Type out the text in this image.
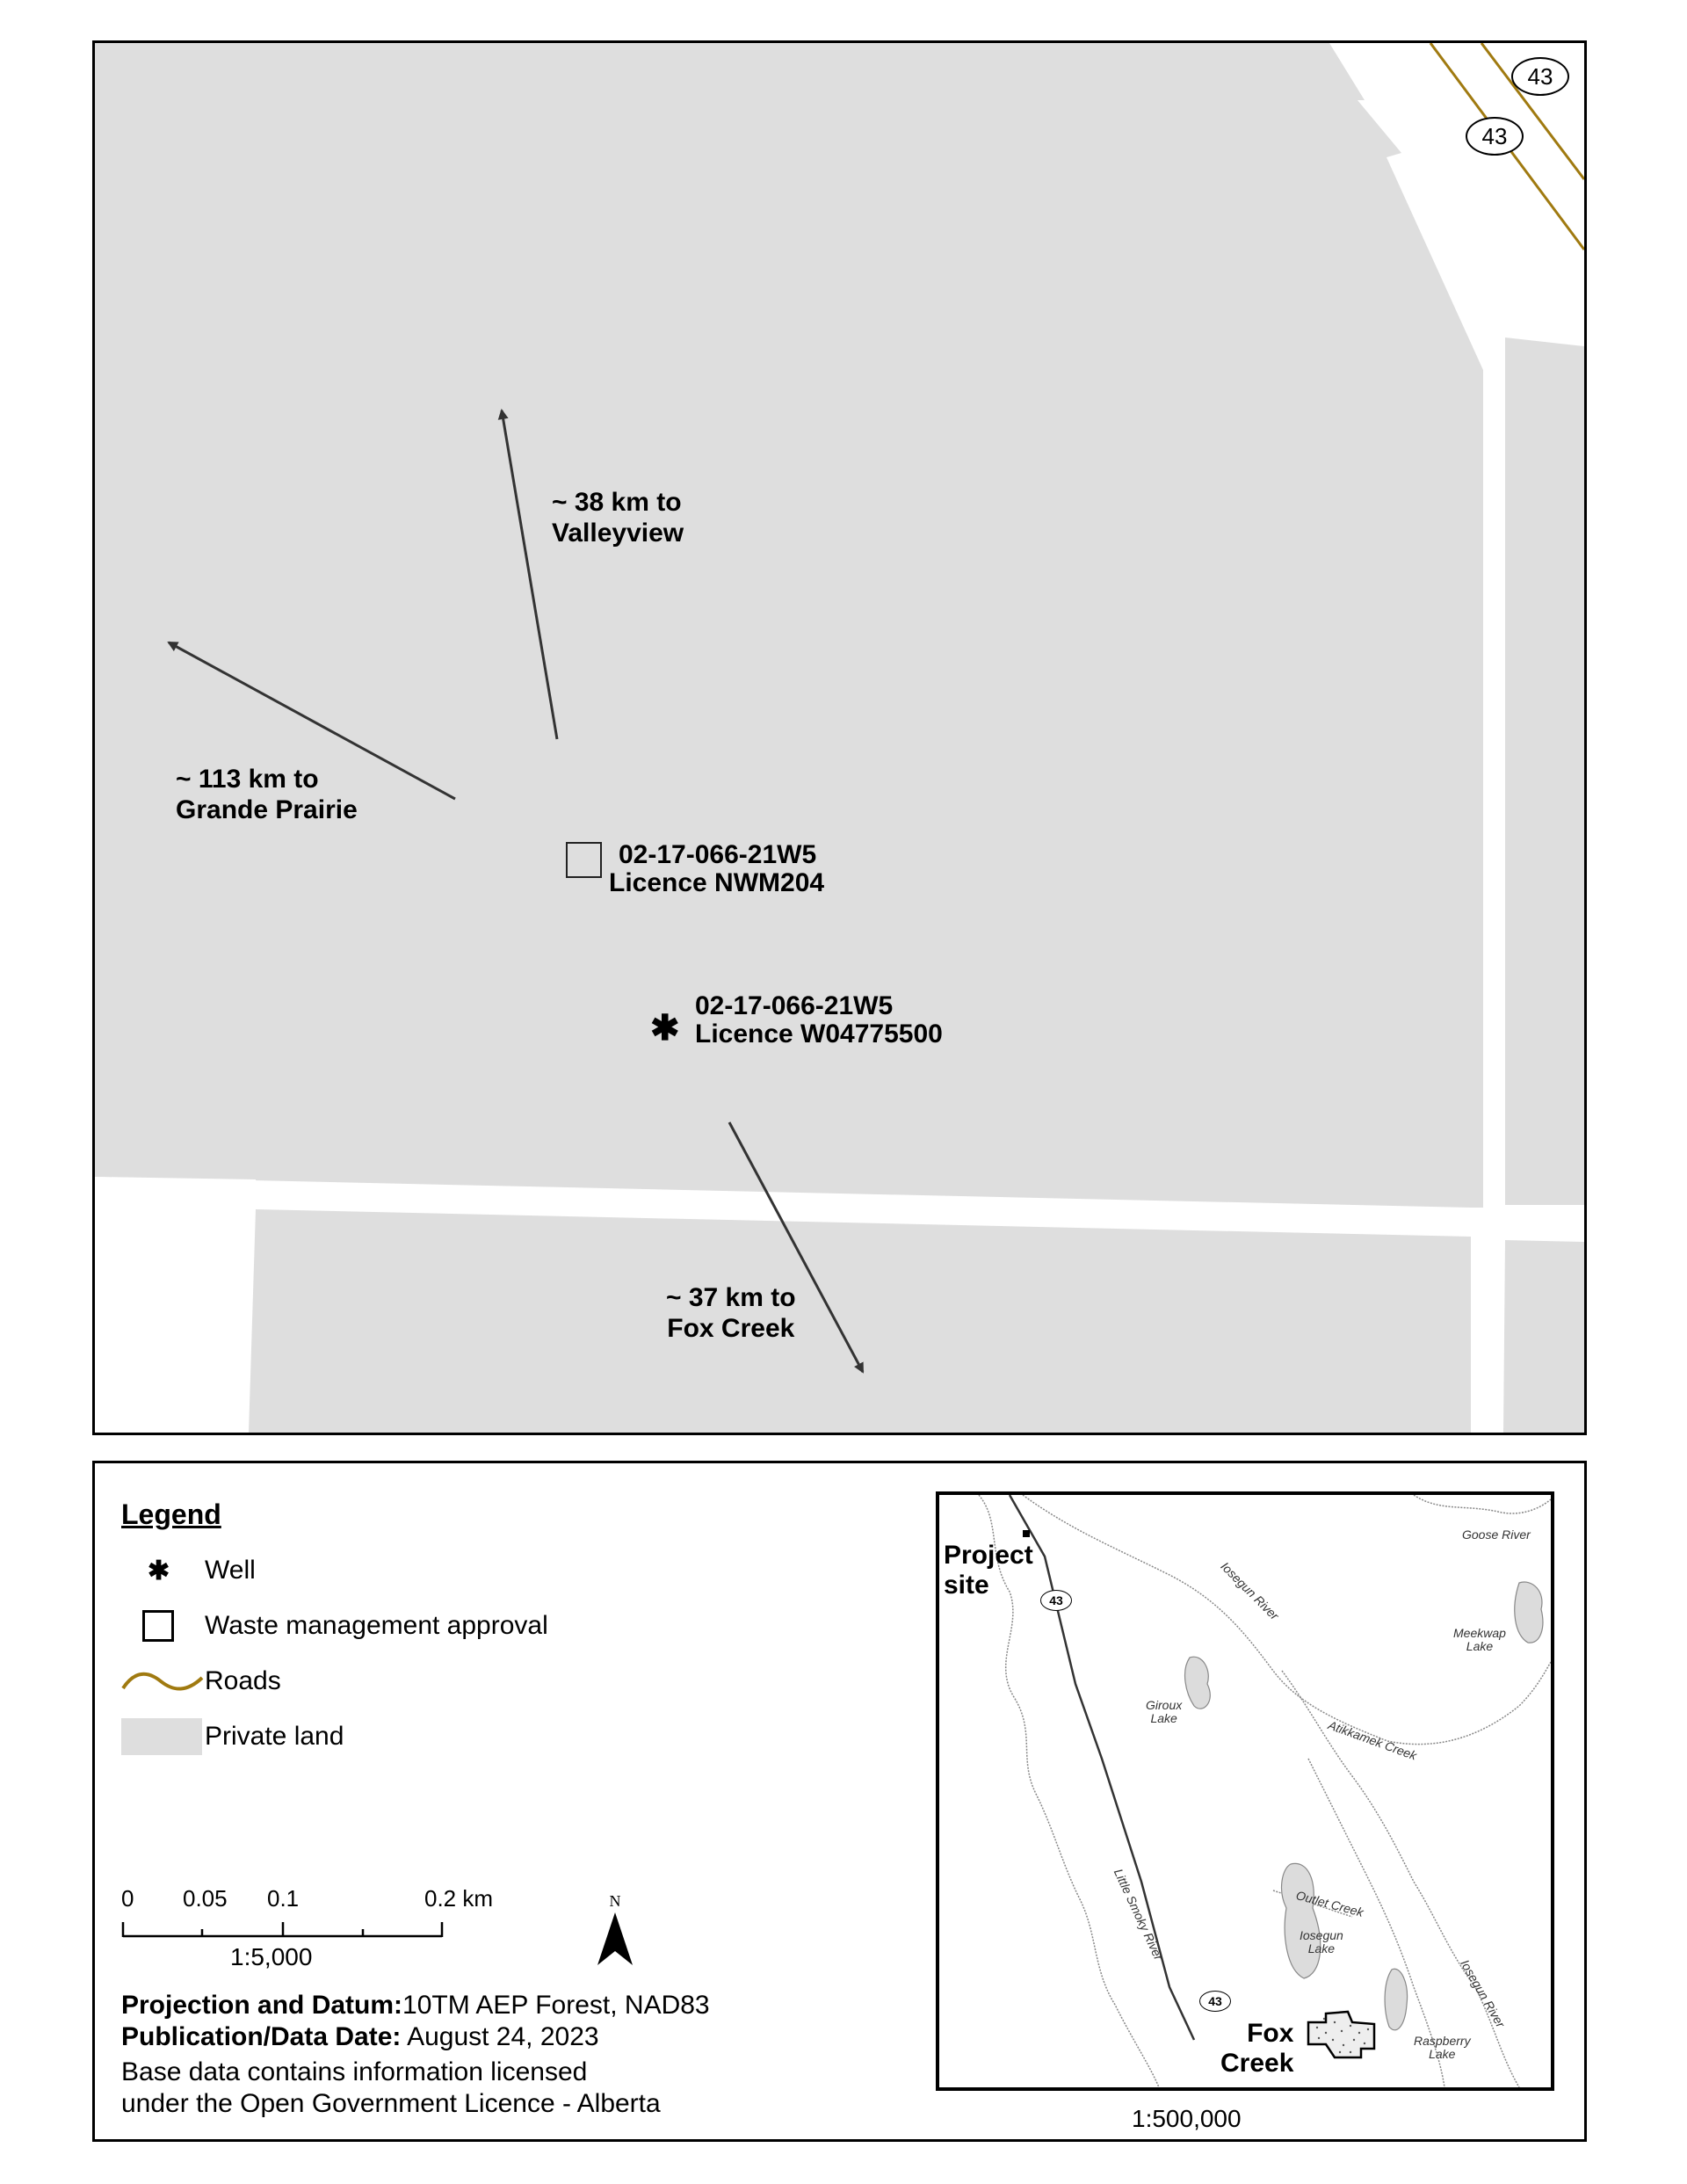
43
43
✱
~ 38 km to
Valleyview
~ 113 km to
Grande Prairie
~ 37 km to
Fox Creek
02-17-066-21W5
Licence NWM204
02-17-066-21W5
Licence W04775500
Legend
✱ Well
Waste management approval
Roads
Private land
0 0.05 0.1	0.2 km
1:5,000
N
Projection and Datum:10TM AEP Forest, NAD83
Publication/Data Date: August 24, 2023
Base data contains information licensed
under the Open Government Licence - Alberta
43
43
Project
site
Fox
Creek
Goose River
Iosegun River
Meekwap
Lake
Giroux
Lake	Atikkamek Creek
Outlet Creek
Iosegun
Lake
Little Smoky River
Iosegun River
Raspberry
Lake
1:500,000
